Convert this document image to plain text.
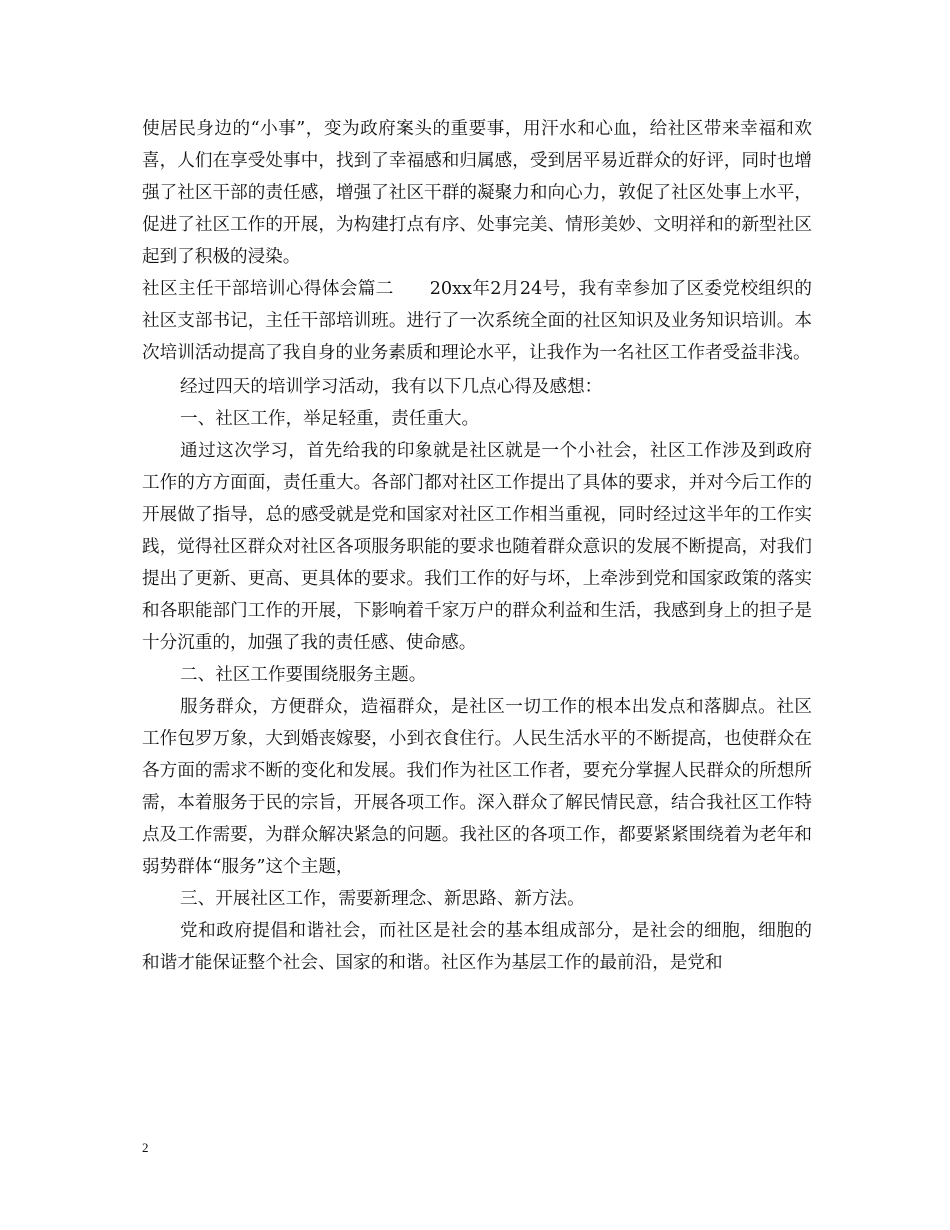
使居民身边的“小事”，变为政府案头的重要事，用汗水和心血，给社区带来幸福和欢喜，人们在享受处事中，找到了幸福感和归属感，受到居平易近群众的好评，同时也增强了社区干部的责任感，增强了社区干群的凝聚力和向心力，敦促了社区处事上水平，促进了社区工作的开展，为构建打点有序、处事完美、情形美妙、文明祥和的新型社区起到了积极的浸染。

社区主任干部培训心得体会篇二　　20xx年2月24号，我有幸参加了区委党校组织的社区支部书记，主任干部培训班。进行了一次系统全面的社区知识及业务知识培训。本次培训活动提高了我自身的业务素质和理论水平，让我作为一名社区工作者受益非浅。

经过四天的培训学习活动，我有以下几点心得及感想：

一、社区工作，举足轻重，责任重大。

通过这次学习，首先给我的印象就是社区就是一个小社会，社区工作涉及到政府工作的方方面面，责任重大。各部门都对社区工作提出了具体的要求，并对今后工作的开展做了指导，总的感受就是党和国家对社区工作相当重视，同时经过这半年的工作实践，觉得社区群众对社区各项服务职能的要求也随着群众意识的发展不断提高，对我们提出了更新、更高、更具体的要求。我们工作的好与坏，上牵涉到党和国家政策的落实和各职能部门工作的开展，下影响着千家万户的群众利益和生活，我感到身上的担子是十分沉重的，加强了我的责任感、使命感。

二、社区工作要围绕服务主题。

服务群众，方便群众，造福群众，是社区一切工作的根本出发点和落脚点。社区工作包罗万象，大到婚丧嫁娶，小到衣食住行。人民生活水平的不断提高，也使群众在各方面的需求不断的变化和发展。我们作为社区工作者，要充分掌握人民群众的所想所需，本着服务于民的宗旨，开展各项工作。深入群众了解民情民意，结合我社区工作特点及工作需要，为群众解决紧急的问题。我社区的各项工作，都要紧紧围绕着为老年和弱势群体“服务”这个主题，

三、开展社区工作，需要新理念、新思路、新方法。

党和政府提倡和谐社会，而社区是社会的基本组成部分，是社会的细胞，细胞的和谐才能保证整个社会、国家的和谐。社区作为基层工作的最前沿，是党和

2
